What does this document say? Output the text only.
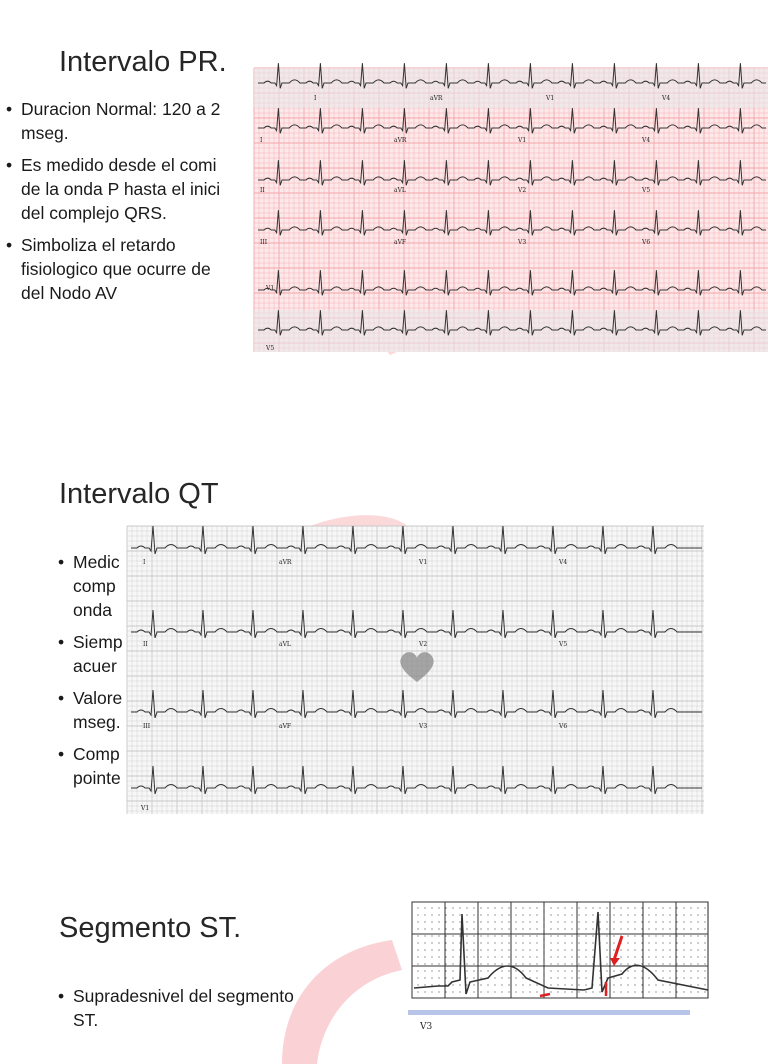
Intervalo PR.
• Duracion Normal: 120 a 2
mseg.
• Es medido desde el comi
de la onda P hasta el inici
del complejo QRS.
• Simboliza el retardo
fisiologico que ocurre de
del Nodo AV
I	aVR	V1	V4
II	aVL	V2	V5
III	aVF	V3	V6
I	aVR	V1	V4
V1
V5
Intervalo QT
• Medic
comp
onda
• Siemp
acuer
• Valore
mseg.
• Comp
pointe
I	aVR	V1	V4
II	aVL	V2	V5
III	aVF	V3	V6
V1
Segmento ST.
• Supradesnivel del segmento
ST.	V3
